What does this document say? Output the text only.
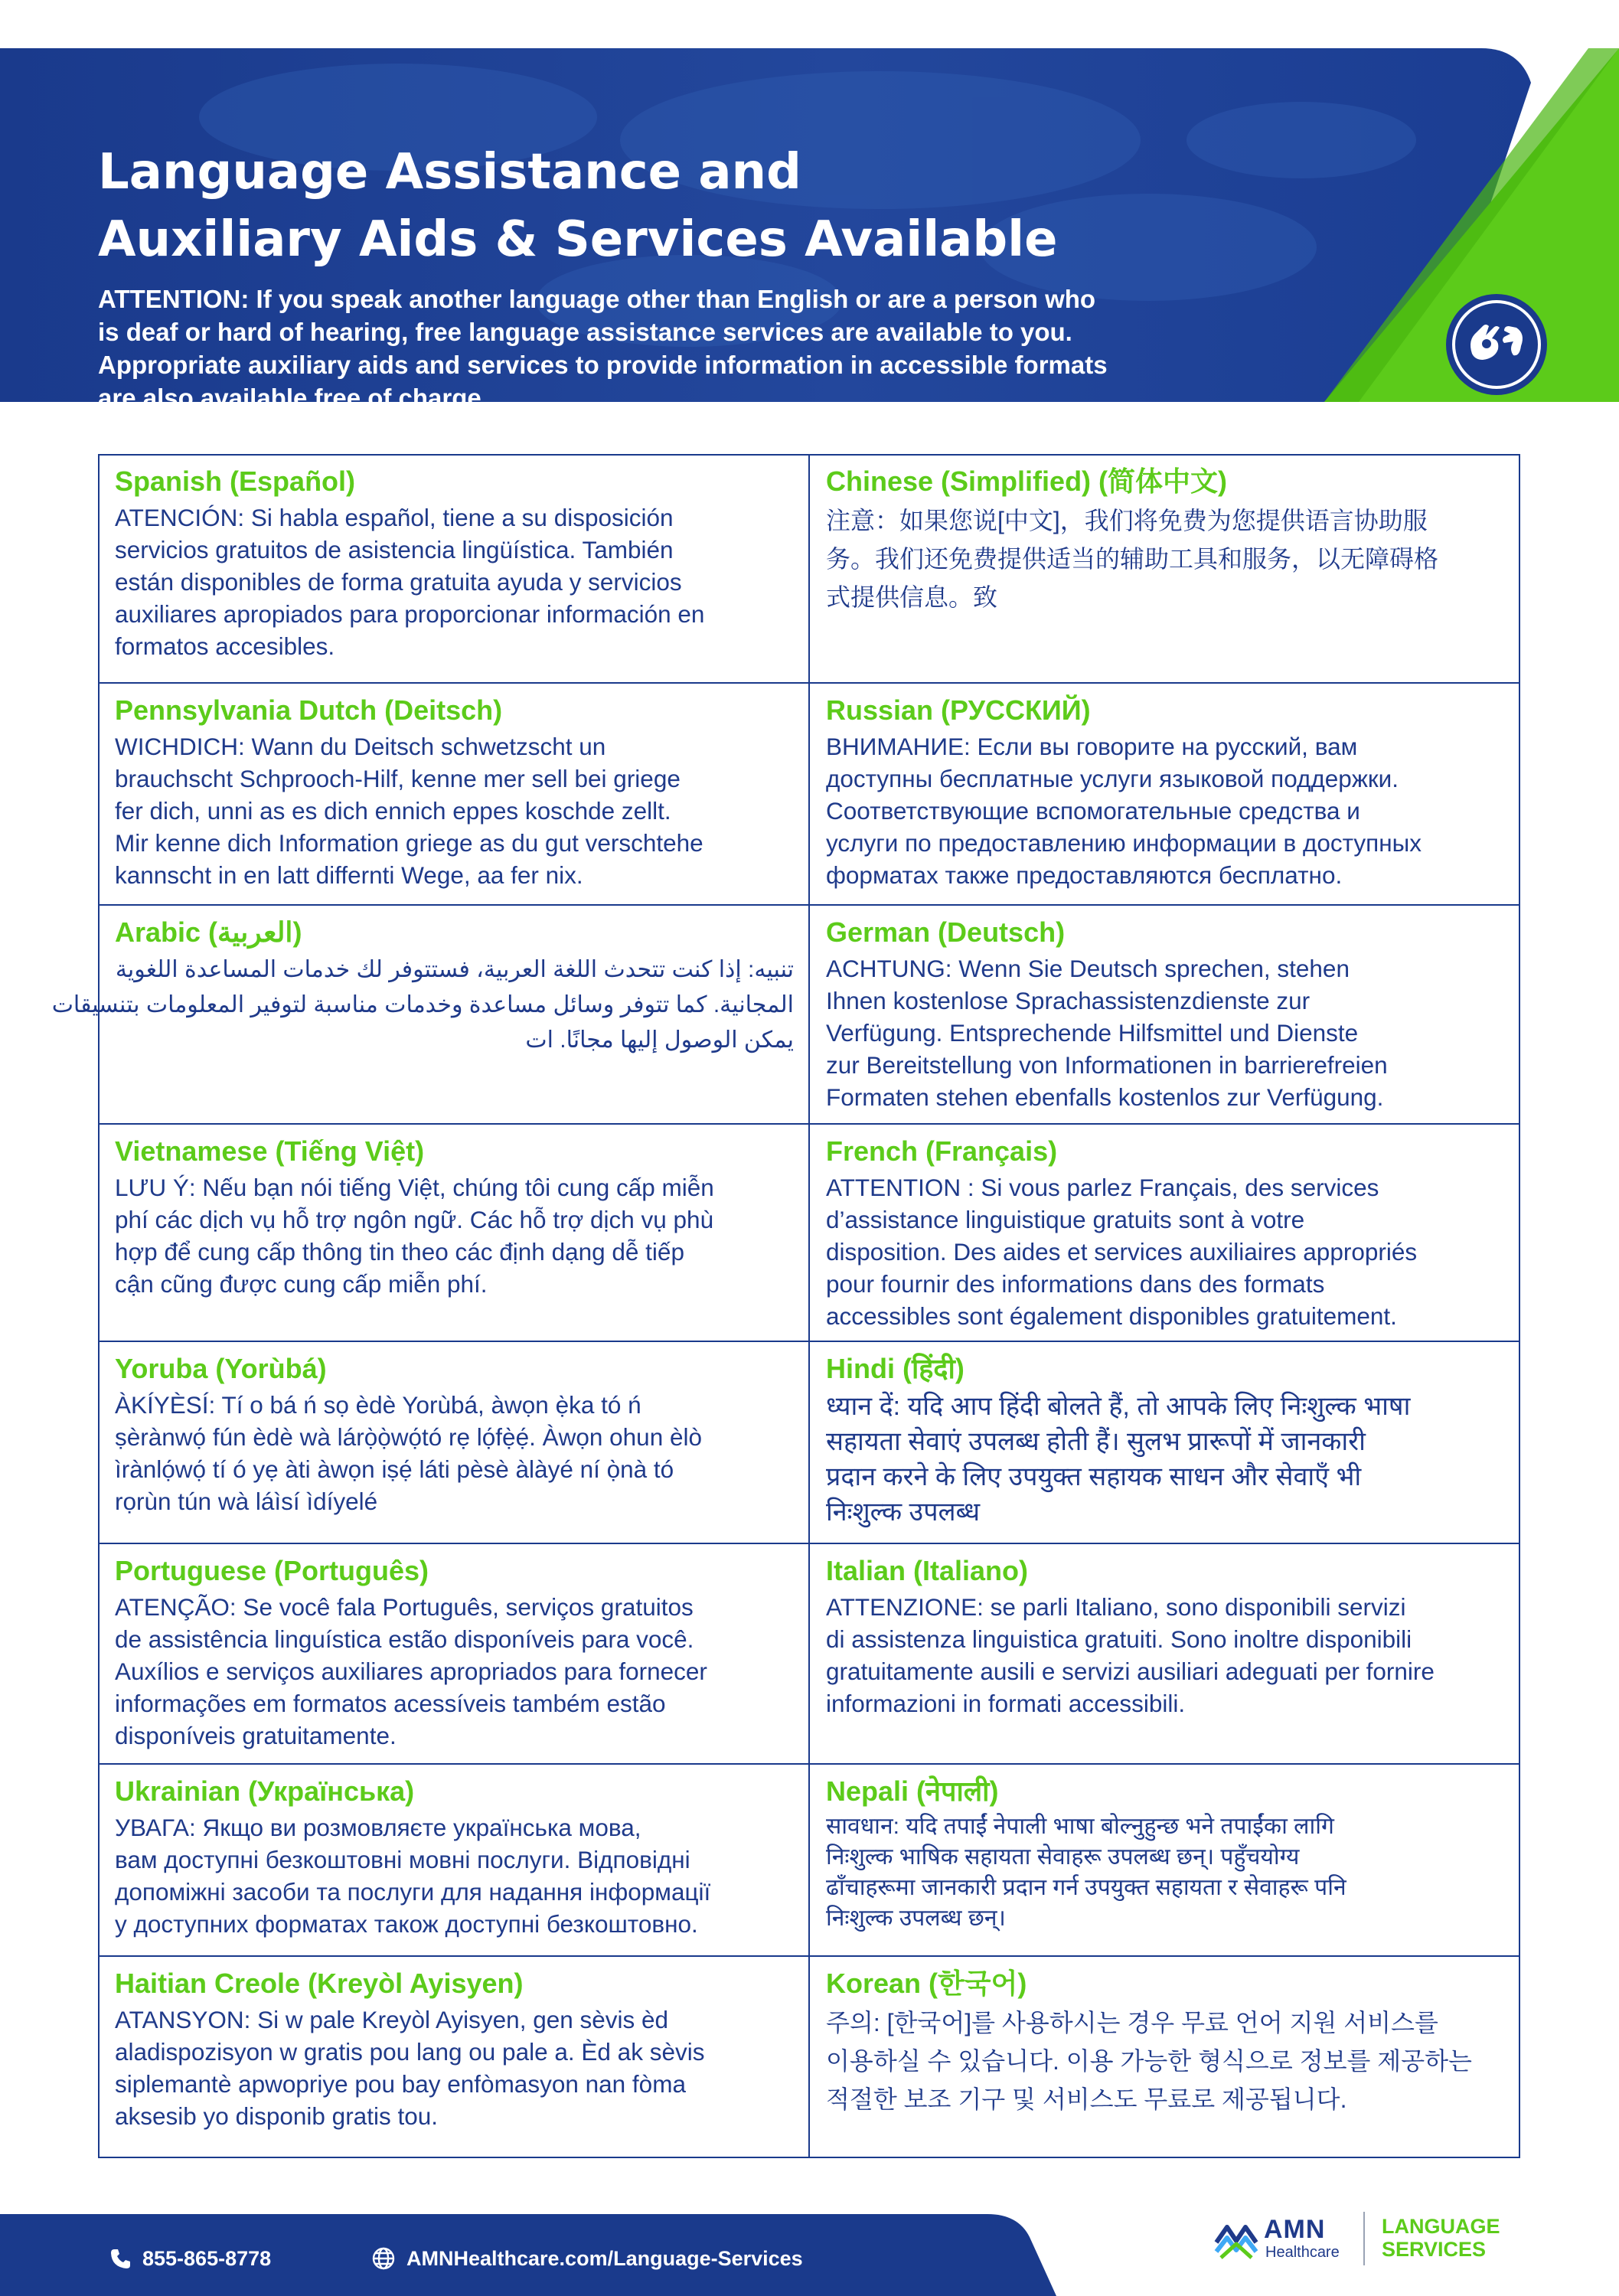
Language Assistance and
Auxiliary Aids & Services Available

ATTENTION: If you speak another language other than English or are a person who
is deaf or hard of hearing, free language assistance services are available to you.
Appropriate auxiliary aids and services to provide information in accessible formats
are also available free of charge.

Spanish (Español)

ATENCIÓN: Si habla español, tiene a su disposición
servicios gratuitos de asistencia lingüística. También
están disponibles de forma gratuita ayuda y servicios
auxiliares apropiados para proporcionar información en
formatos accesibles.

Chinese (Simplified) (简体中文)

注意：如果您说[中文]，我们将免费为您提供语言协助服
务。我们还免费提供适当的辅助工具和服务，以无障碍格
式提供信息。致

Pennsylvania Dutch (Deitsch)

WICHDICH: Wann du Deitsch schwetzscht un
brauchscht Schprooch-Hilf, kenne mer sell bei griege
fer dich, unni as es dich ennich eppes koschde zellt.
Mir kenne dich Information griege as du gut verschtehe
kannscht in en latt differnti Wege, aa fer nix.

Russian (РУССКИЙ)

ВНИМАНИЕ: Если вы говорите на русский, вам
доступны бесплатные услуги языковой поддержки.
Соответствующие вспомогательные средства и
услуги по предоставлению информации в доступных
форматах также предоставляются бесплатно.

Arabic (العربية)

تنبيه: إذا كنت تتحدث اللغة العربية، فستتوفر لك خدمات المساعدة اللغوية
المجانية. كما تتوفر وسائل مساعدة وخدمات مناسبة لتوفير المعلومات بتنسيقات
يمكن الوصول إليها مجانًا. ات

German (Deutsch)

ACHTUNG: Wenn Sie Deutsch sprechen, stehen
Ihnen kostenlose Sprachassistenzdienste zur
Verfügung. Entsprechende Hilfsmittel und Dienste
zur Bereitstellung von Informationen in barrierefreien
Formaten stehen ebenfalls kostenlos zur Verfügung.

Vietnamese (Tiếng Việt)

LƯU Ý: Nếu bạn nói tiếng Việt, chúng tôi cung cấp miễn
phí các dịch vụ hỗ trợ ngôn ngữ. Các hỗ trợ dịch vụ phù
hợp để cung cấp thông tin theo các định dạng dễ tiếp
cận cũng được cung cấp miễn phí.

French (Français)

ATTENTION : Si vous parlez Français, des services
d’assistance linguistique gratuits sont à votre
disposition. Des aides et services auxiliaires appropriés
pour fournir des informations dans des formats
accessibles sont également disponibles gratuitement.

Yoruba (Yorùbá)

ÀKÍYÈSÍ: Tí o bá ń sọ èdè Yorùbá, àwọn ẹ̀ka tó ń
ṣèrànwọ́ fún èdè wà lárọ̀ọ̀wọ́tó rẹ lọ́fẹ̀ẹ́. Àwọn ohun èlò
ìrànlọ́wọ́ tí ó yẹ àti àwọn iṣẹ́ láti pèsè àlàyé ní ọ̀nà tó
rọrùn tún wà láìsí ìdíyelé

Hindi (हिंदी)

ध्यान दें: यदि आप हिंदी बोलते हैं, तो आपके लिए निःशुल्क भाषा
सहायता सेवाएं उपलब्ध होती हैं। सुलभ प्रारूपों में जानकारी
प्रदान करने के लिए उपयुक्त सहायक साधन और सेवाएँ भी
निःशुल्क उपलब्ध

Portuguese (Português)

ATENÇÃO: Se você fala Português, serviços gratuitos
de assistência linguística estão disponíveis para você.
Auxílios e serviços auxiliares apropriados para fornecer
informações em formatos acessíveis também estão
disponíveis gratuitamente.

Italian (Italiano)

ATTENZIONE: se parli Italiano, sono disponibili servizi
di assistenza linguistica gratuiti. Sono inoltre disponibili
gratuitamente ausili e servizi ausiliari adeguati per fornire
informazioni in formati accessibili.

Ukrainian (Українська)

УВАГА: Якщо ви розмовляєте українська мова,
вам доступні безкоштовні мовні послуги. Відповідні
допоміжні засоби та послуги для надання інформації
у доступних форматах також доступні безкоштовно.

Nepali (नेपाली)

सावधान: यदि तपाईं नेपाली भाषा बोल्नुहुन्छ भने तपाईंका लागि
निःशुल्क भाषिक सहायता सेवाहरू उपलब्ध छन्। पहुँचयोग्य
ढाँचाहरूमा जानकारी प्रदान गर्न उपयुक्त सहायता र सेवाहरू पनि
निःशुल्क उपलब्ध छन्।

Haitian Creole (Kreyòl Ayisyen)

ATANSYON: Si w pale Kreyòl Ayisyen, gen sèvis èd
aladispozisyon w gratis pou lang ou pale a. Èd ak sèvis
siplemantè apwopriye pou bay enfòmasyon nan fòma
aksesib yo disponib gratis tou.

Korean (한국어)

주의: [한국어]를 사용하시는 경우 무료 언어 지원 서비스를
이용하실 수 있습니다. 이용 가능한 형식으로 정보를 제공하는
적절한 보조 기구 및 서비스도 무료로 제공됩니다.

855-865-8778	AMNHealthcare.com/Language-Services
AMN
Healthcare
LANGUAGE
SERVICES
